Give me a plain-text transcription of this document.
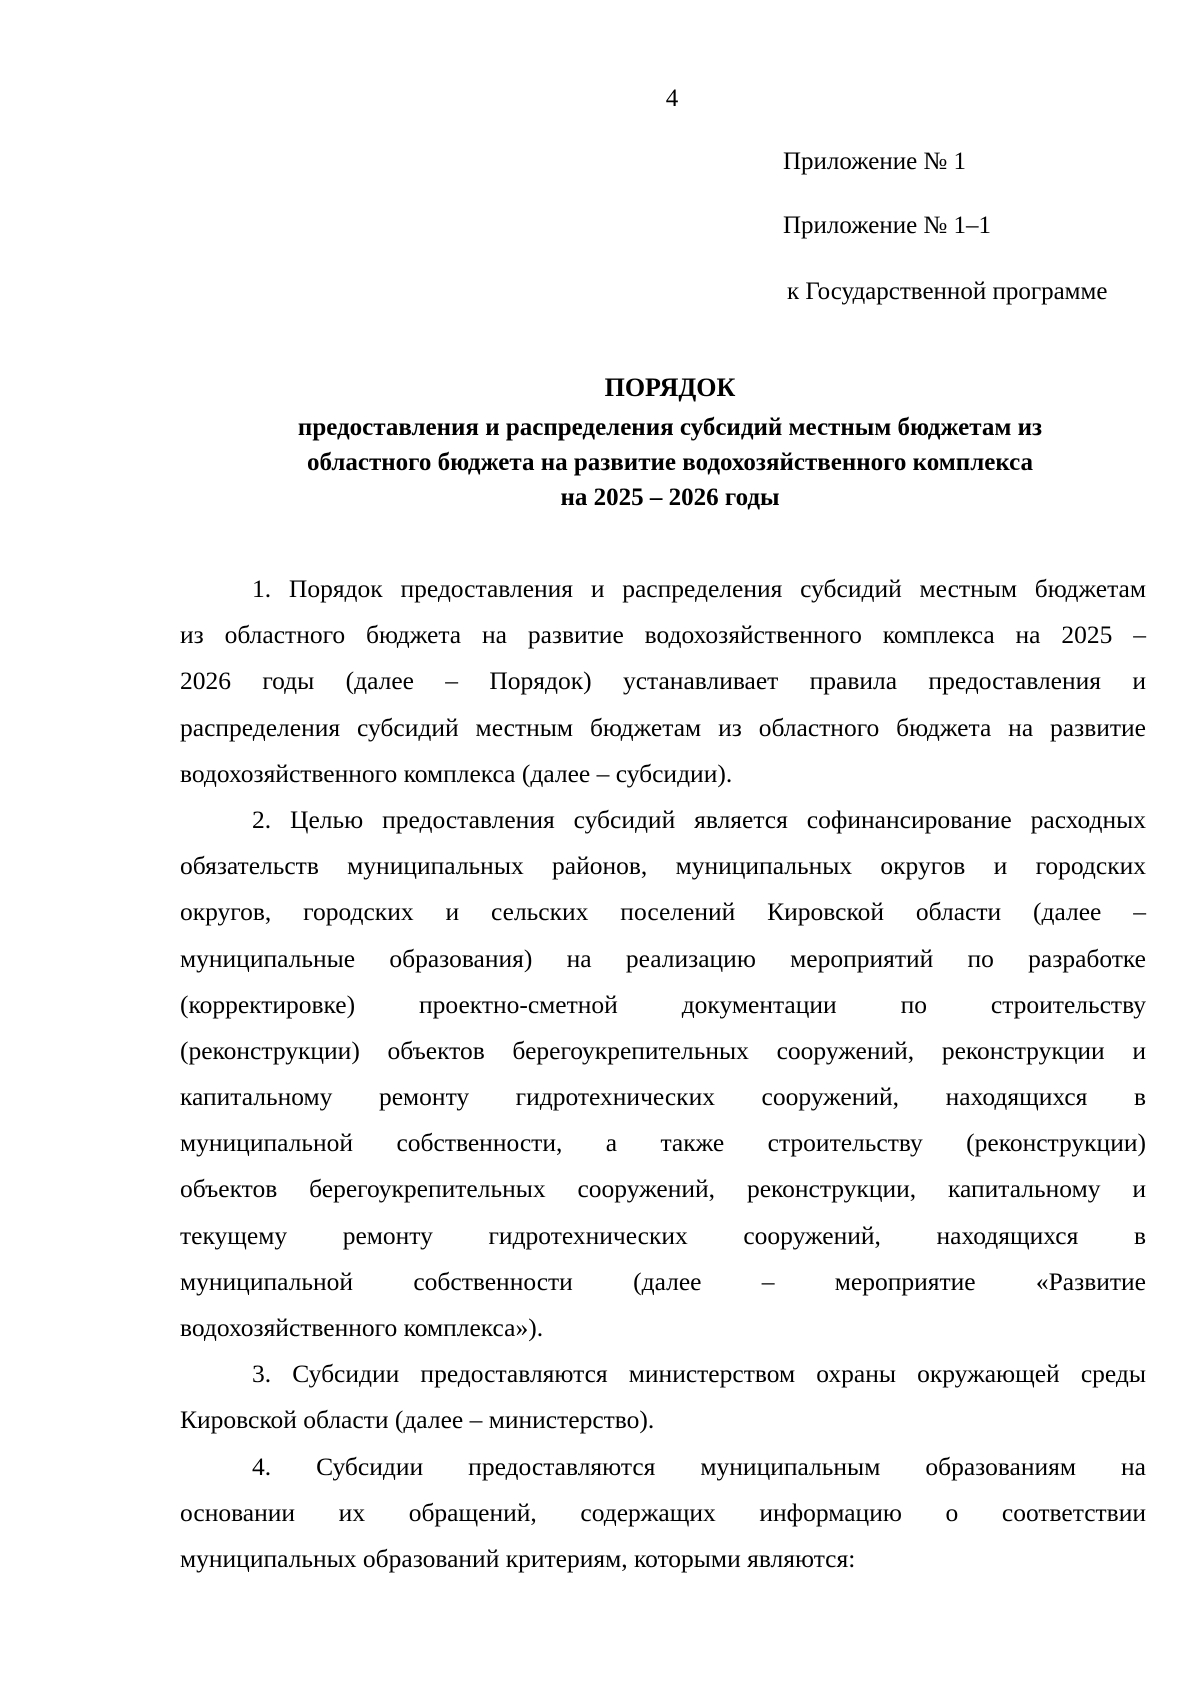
4
Приложение № 1
Приложение № 1–1
к Государственной программе
ПОРЯДОК
предоставления и распределения субсидий местным бюджетам из
областного бюджета на развитие водохозяйственного комплекса
на 2025 – 2026 годы
1. Порядок предоставления и распределения субсидий местным бюджетам
из областного бюджета на развитие водохозяйственного комплекса на 2025 –
2026 годы (далее – Порядок) устанавливает правила предоставления и
распределения субсидий местным бюджетам из областного бюджета на развитие
водохозяйственного комплекса (далее – субсидии).
2. Целью предоставления субсидий является софинансирование расходных
обязательств муниципальных районов, муниципальных округов и городских
округов, городских и сельских поселений Кировской области (далее –
муниципальные образования) на реализацию мероприятий по разработке
(корректировке) проектно-сметной документации по строительству
(реконструкции) объектов берегоукрепительных сооружений, реконструкции и
капитальному ремонту гидротехнических сооружений, находящихся в
муниципальной собственности, а также строительству (реконструкции)
объектов берегоукрепительных сооружений, реконструкции, капитальному и
текущему ремонту гидротехнических сооружений, находящихся в
муниципальной собственности (далее – мероприятие «Развитие
водохозяйственного комплекса»).
3. Субсидии предоставляются министерством охраны окружающей среды
Кировской области (далее – министерство).
4. Субсидии предоставляются муниципальным образованиям на
основании их обращений, содержащих информацию о соответствии
муниципальных образований критериям, которыми являются:
